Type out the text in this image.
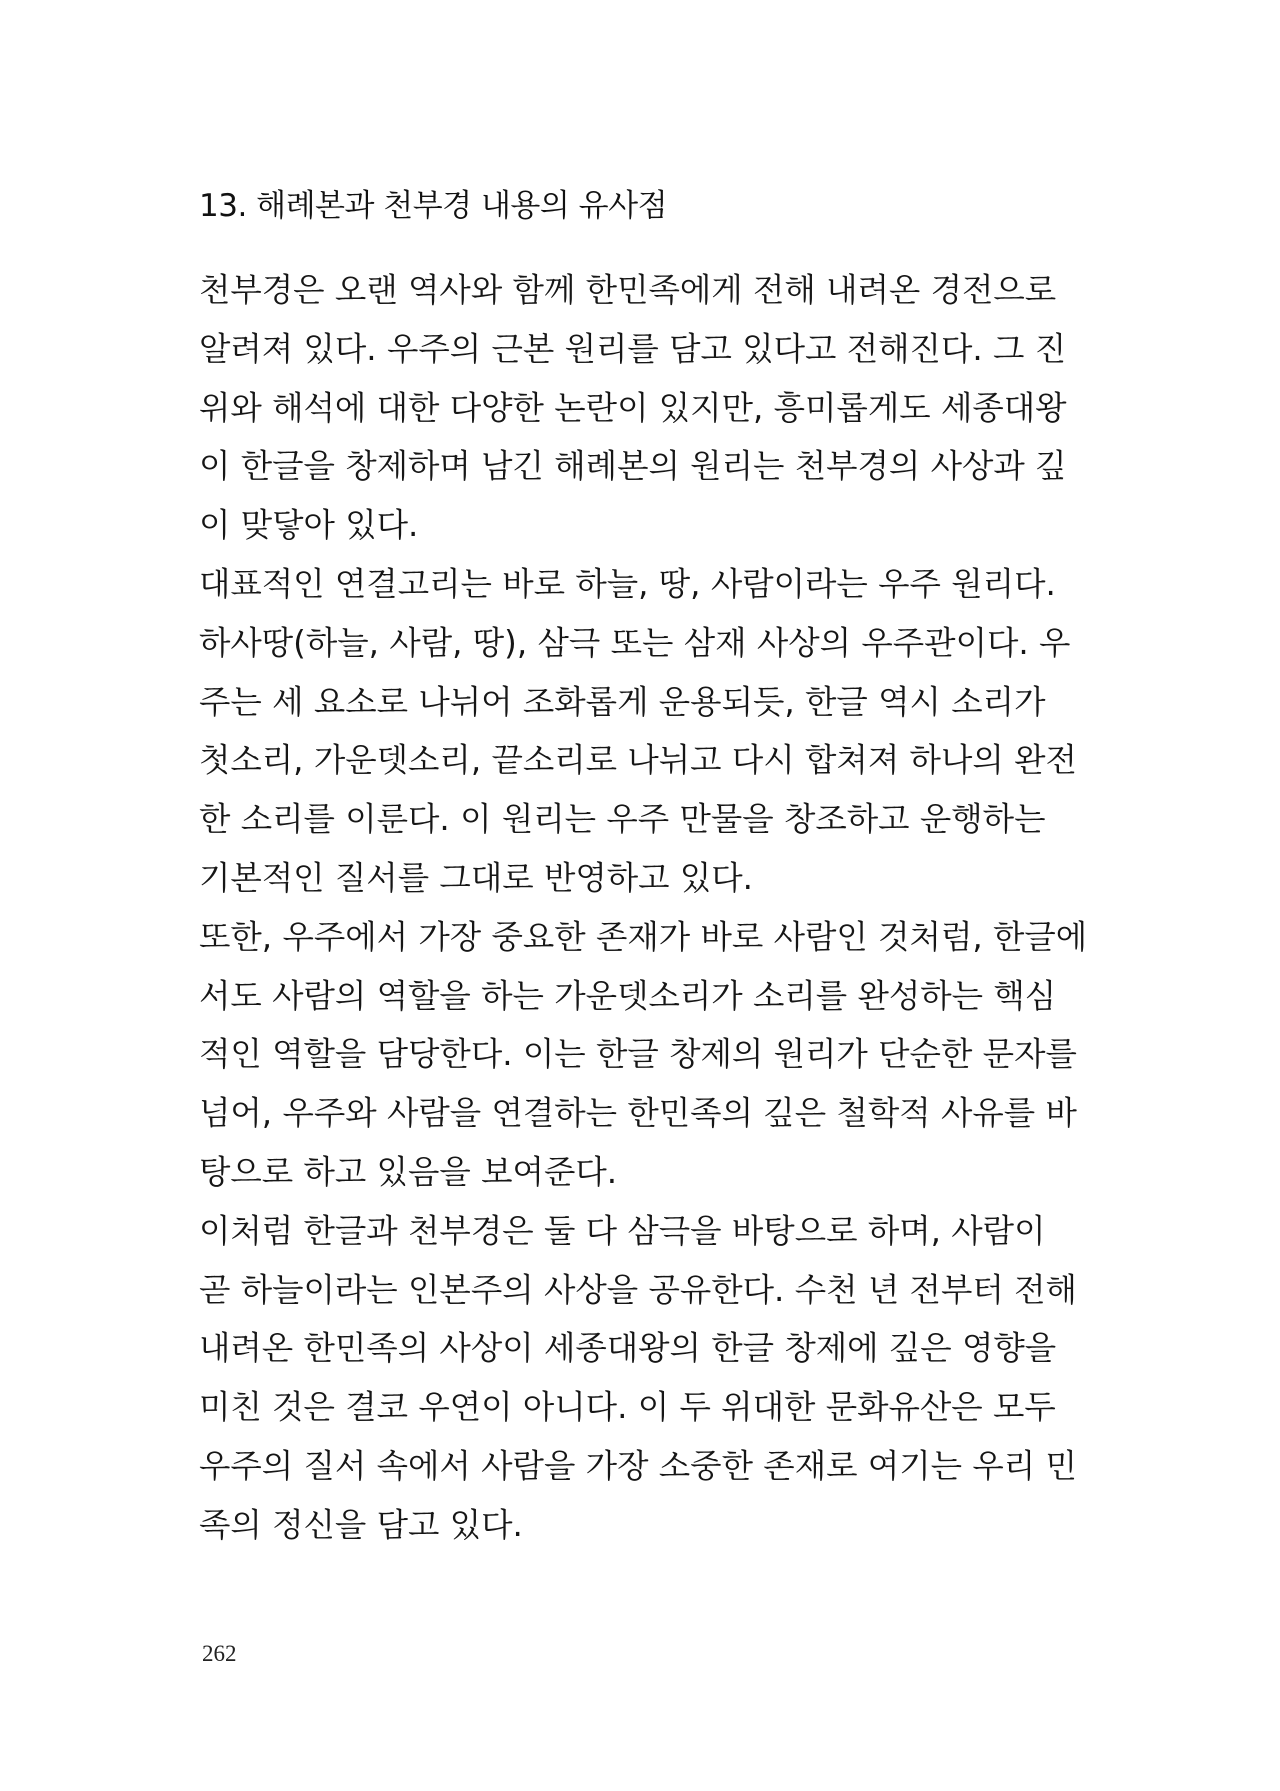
13. 해례본과 천부경 내용의 유사점
천부경은 오랜 역사와 함께 한민족에게 전해 내려온 경전으로
알려져 있다. 우주의 근본 원리를 담고 있다고 전해진다. 그 진
위와 해석에 대한 다양한 논란이 있지만, 흥미롭게도 세종대왕
이 한글을 창제하며 남긴 해례본의 원리는 천부경의 사상과 깊
이 맞닿아 있다.
대표적인 연결고리는 바로 하늘, 땅, 사람이라는 우주 원리다.
하사땅(하늘, 사람, 땅), 삼극 또는 삼재 사상의 우주관이다. 우
주는 세 요소로 나뉘어 조화롭게 운용되듯, 한글 역시 소리가
첫소리, 가운뎃소리, 끝소리로 나뉘고 다시 합쳐져 하나의 완전
한 소리를 이룬다. 이 원리는 우주 만물을 창조하고 운행하는
기본적인 질서를 그대로 반영하고 있다.
또한, 우주에서 가장 중요한 존재가 바로 사람인 것처럼, 한글에
서도 사람의 역할을 하는 가운뎃소리가 소리를 완성하는 핵심
적인 역할을 담당한다. 이는 한글 창제의 원리가 단순한 문자를
넘어, 우주와 사람을 연결하는 한민족의 깊은 철학적 사유를 바
탕으로 하고 있음을 보여준다.
이처럼 한글과 천부경은 둘 다 삼극을 바탕으로 하며, 사람이
곧 하늘이라는 인본주의 사상을 공유한다. 수천 년 전부터 전해
내려온 한민족의 사상이 세종대왕의 한글 창제에 깊은 영향을
미친 것은 결코 우연이 아니다. 이 두 위대한 문화유산은 모두
우주의 질서 속에서 사람을 가장 소중한 존재로 여기는 우리 민
족의 정신을 담고 있다.

262
